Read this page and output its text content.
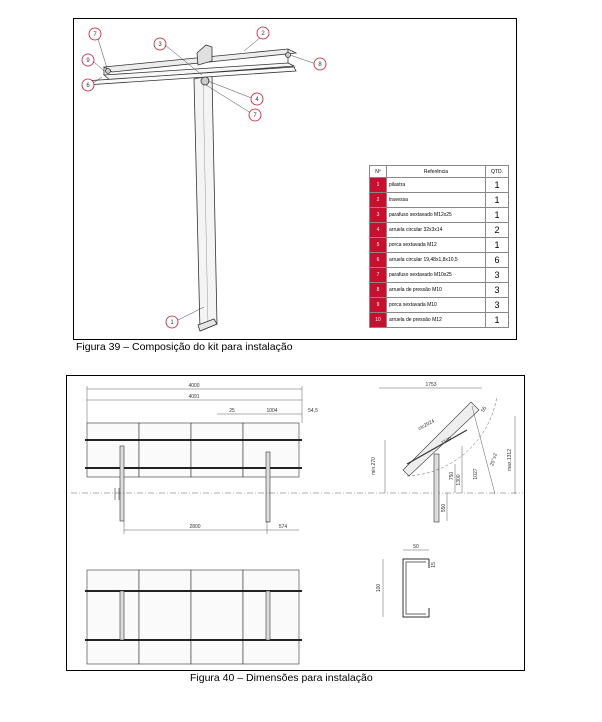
7	2
3
9
8
6
4
7
1
Nº	Referência	QTD.
1	pilastra	1
2	travessa	1
3	parafuso sextavado M12x25	1
4	arruela circular 32x3x14	2
5	porca sextavada M12	1
6	arruela circular 19,48x1,8x10,5	6
7	parafuso sextavado M10x25	3
8	arruela de pressão M10	3
9	porca sextavada M10	3
10	arruela de pressão M12	1
Figura 39 – Composição do kit para instalação
4000
4091
25	1004	54,5
2800	574
1753
ctc2024
1130
min.270	max.1312
1027
750 1300
550
25°±2
55
50
100
15
Figura 40 – Dimensões para instalação
